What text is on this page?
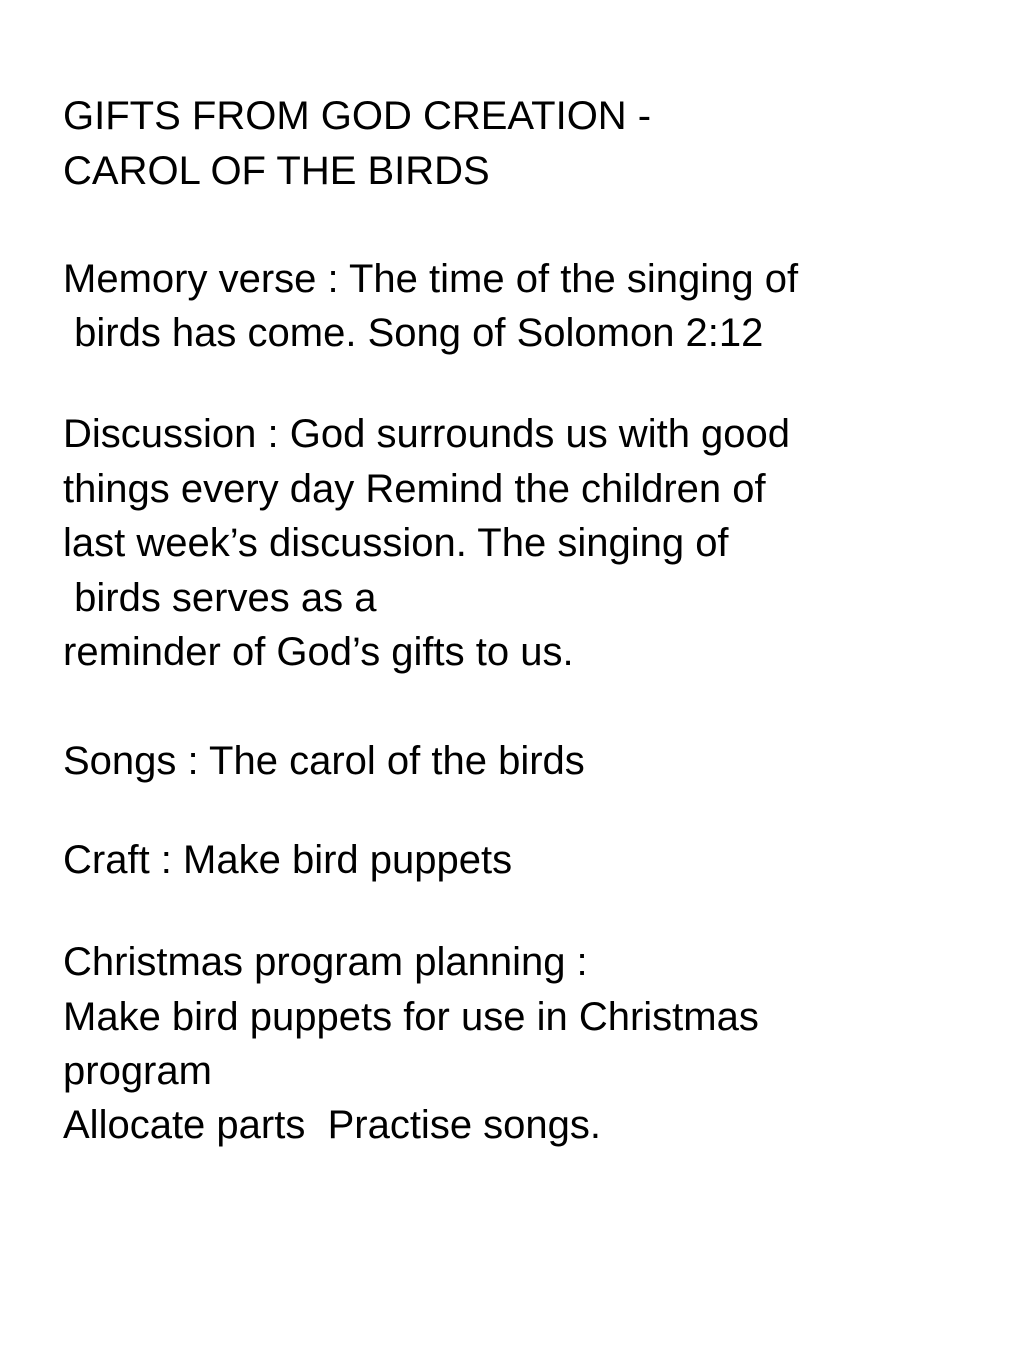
GIFTS FROM GOD CREATION -
CAROL OF THE BIRDS
Memory verse : The time of the singing of
birds has come. Song of Solomon 2:12
Discussion : God surrounds us with good
things every day Remind the children of
last week’s discussion. The singing of
birds serves as a
reminder of God’s gifts to us.
Songs : The carol of the birds
Craft : Make bird puppets
Christmas program planning :
Make bird puppets for use in Christmas
program
Allocate parts  Practise songs.
